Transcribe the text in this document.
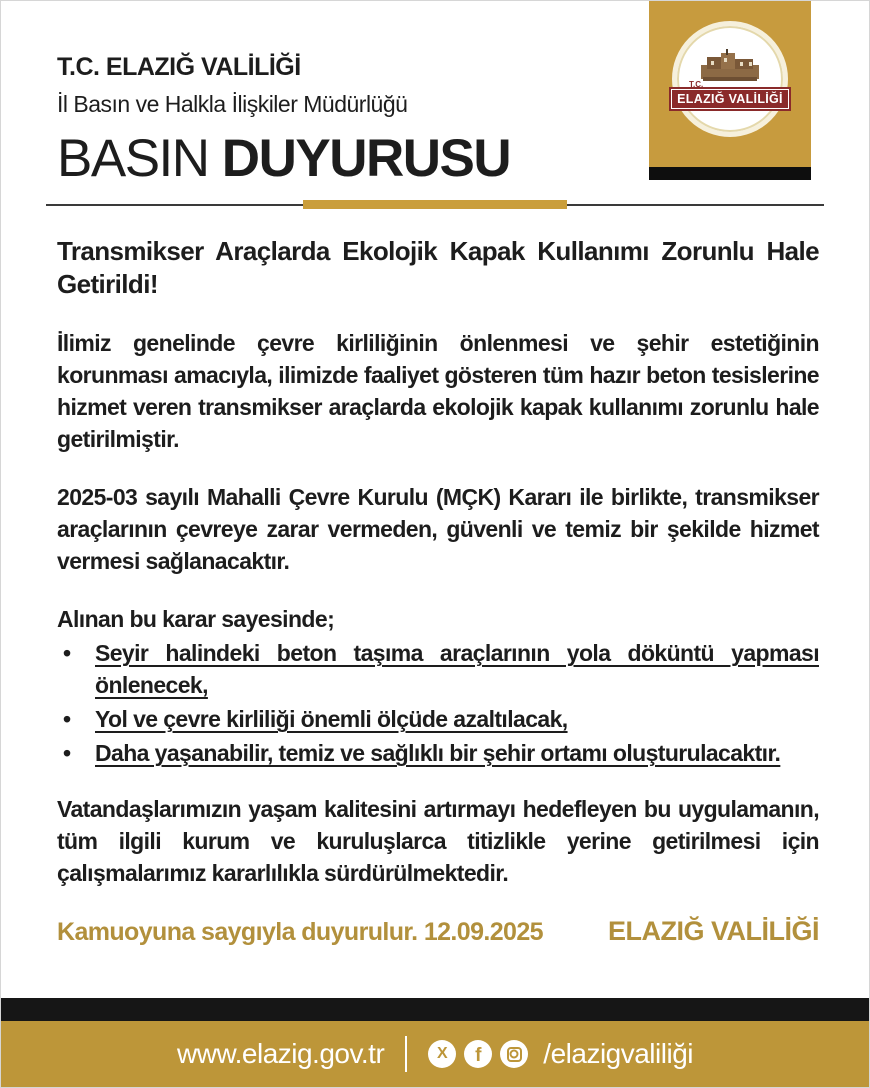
T.C.
ELAZIĞ VALİLİĞİ
T.C. ELAZIĞ VALİLİĞİ
İl Basın ve Halkla İlişkiler Müdürlüğü
BASIN DUYURUSU
Transmikser Araçlarda Ekolojik Kapak Kullanımı Zorunlu Hale Getirildi!

İlimiz genelinde çevre kirliliğinin önlenmesi ve şehir estetiğinin korunması amacıyla, ilimizde faaliyet gösteren tüm hazır beton tesislerine hizmet veren transmikser araçlarda ekolojik kapak kullanımı zorunlu hale getirilmiştir.

2025-03 sayılı Mahalli Çevre Kurulu (MÇK) Kararı ile birlikte, transmikser araçlarının çevreye zarar vermeden, güvenli ve temiz bir şekilde hizmet vermesi sağlanacaktır.

Alınan bu karar sayesinde;

• Seyir halindeki beton taşıma araçlarının yola döküntü yapması önlenecek,
• Yol ve çevre kirliliği önemli ölçüde azaltılacak,
• Daha yaşanabilir, temiz ve sağlıklı bir şehir ortamı oluşturulacaktır.

Vatandaşlarımızın yaşam kalitesini artırmayı hedefleyen bu uygulamanın, tüm ilgili kurum ve kuruluşlarca titizlikle yerine getirilmesi için çalışmalarımız kararlılıkla sürdürülmektedir.

Kamuoyuna saygıyla duyurulur. 12.09.2025 ELAZIĞ VALİLİĞİ
www.elazig.gov.tr	X f /elazigvaliliği
